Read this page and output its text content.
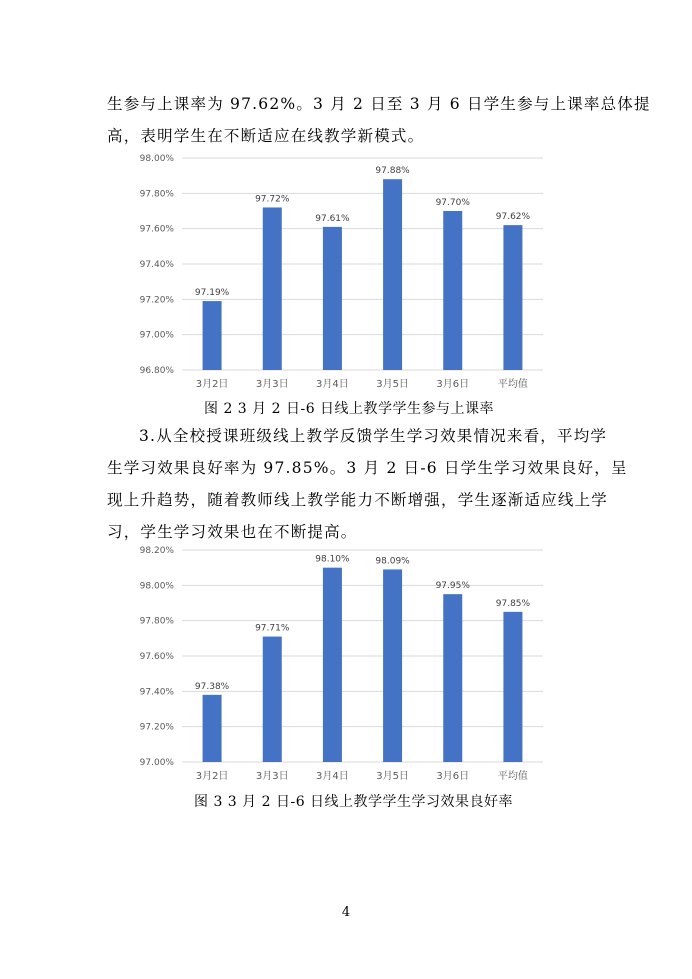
生参与上课率为 97.62%。3 月 2 日至 3 月 6 日学生参与上课率总体提
高，表明学生在不断适应在线教学新模式。

96.80%
97.00%
97.20%
97.40%
97.60%
97.80%
98.00%
97.19%
3月2日
97.72%
3月3日
97.61%
3月4日
97.88%
3月5日
97.70%
3月6日
97.62%
平均值
图 2 3 月 2 日-6 日线上教学学生参与上课率

3.从全校授课班级线上教学反馈学生学习效果情况来看，平均学
生学习效果良好率为 97.85%。3 月 2 日-6 日学生学习效果良好，呈
现上升趋势，随着教师线上教学能力不断增强，学生逐渐适应线上学
习，学生学习效果也在不断提高。

97.00%
97.20%
97.40%
97.60%
97.80%
98.00%
98.20%
97.38%
3月2日
97.71%
3月3日
98.10%
3月4日
98.09%
3月5日
97.95%
3月6日
97.85%
平均值
图 3 3 月 2 日-6 日线上教学学生学习效果良好率
4
